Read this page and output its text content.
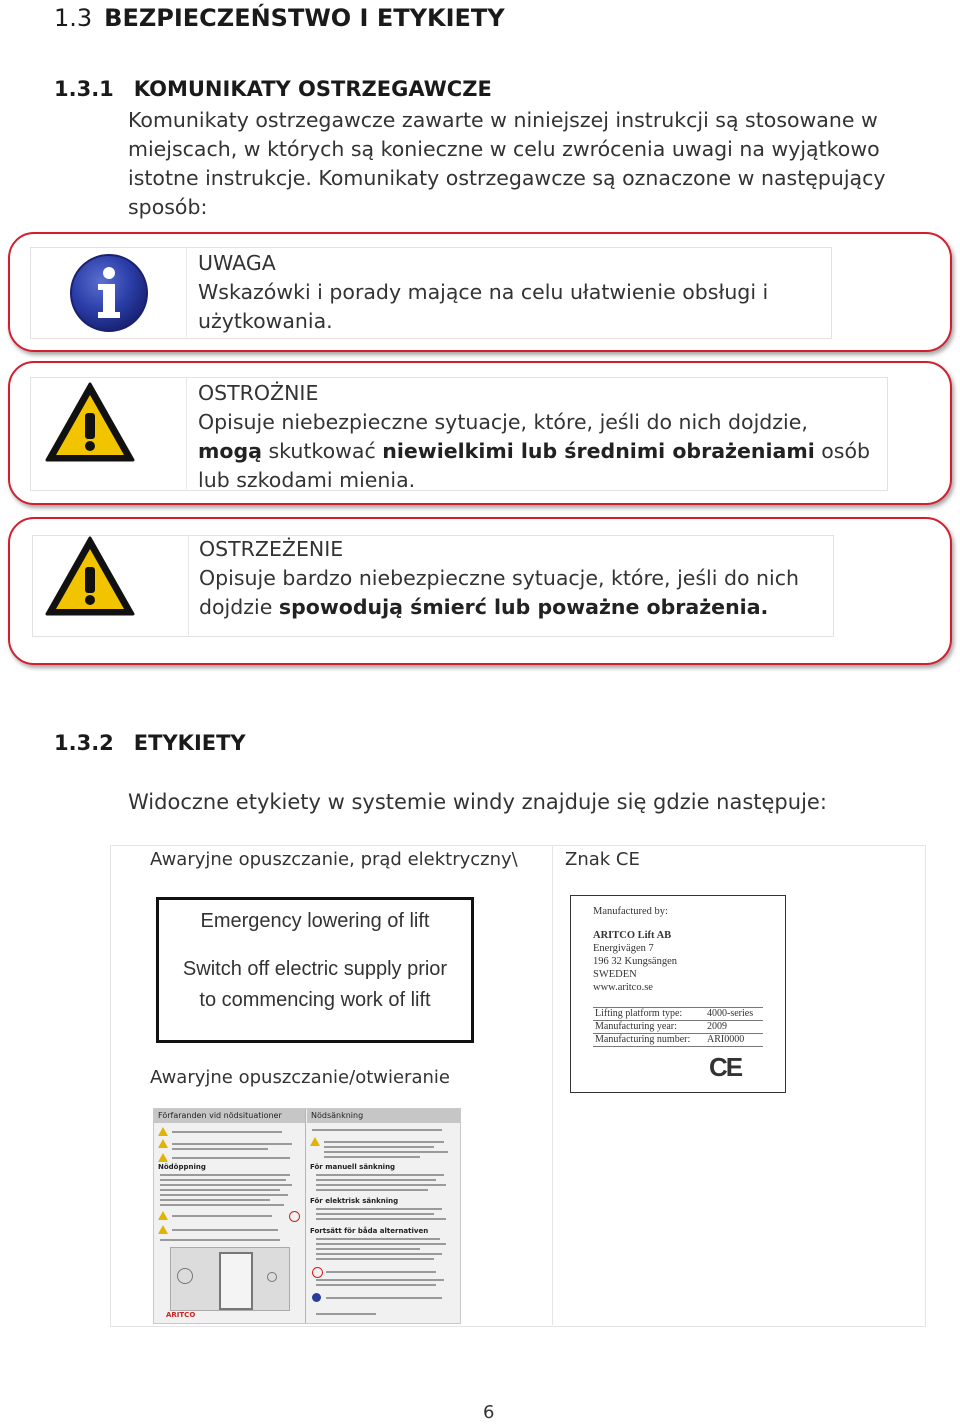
1.3 BEZPIECZEŃSTWO I ETYKIETY
1.3.1 KOMUNIKATY OSTRZEGAWCZE
Komunikaty ostrzegawcze zawarte w niniejszej instrukcji są stosowane w miejscach, w których są konieczne w celu zwrócenia uwagi na wyjątkowo istotne instrukcje. Komunikaty ostrzegawcze są oznaczone w następujący sposób:
UWAGA
Wskazówki i porady mające na celu ułatwienie obsługi i użytkowania.
OSTROŻNIE
Opisuje niebezpieczne sytuacje, które, jeśli do nich dojdzie, mogą skutkować niewielkimi lub średnimi obrażeniami osób lub szkodami mienia.
OSTRZEŻENIE
Opisuje bardzo niebezpieczne sytuacje, które, jeśli do nich dojdzie spowodują śmierć lub poważne obrażenia.
1.3.2 ETYKIETY
Widoczne etykiety w systemie windy znajduje się gdzie następuje:
Awaryjne opuszczanie, prąd elektryczny\	Znak CE
Emergency lowering of lift
Switch off electric supply prior
to commencing work of lift
Manufactured by:
ARITCO Lift AB
Energivägen 7
196 32 Kungsängen
SWEDEN
www.aritco.se
Lifting platform type: 4000-series
Manufacturing year:	2009
Manufacturing number: ARI0000
CE
Awaryjne opuszczanie/otwieranie
Förfaranden vid nödsituationer	Nödsänkning
Nödöppning
ARITCO
För manuell sänkning
För elektrisk sänkning
Fortsätt för båda alternativen
6
